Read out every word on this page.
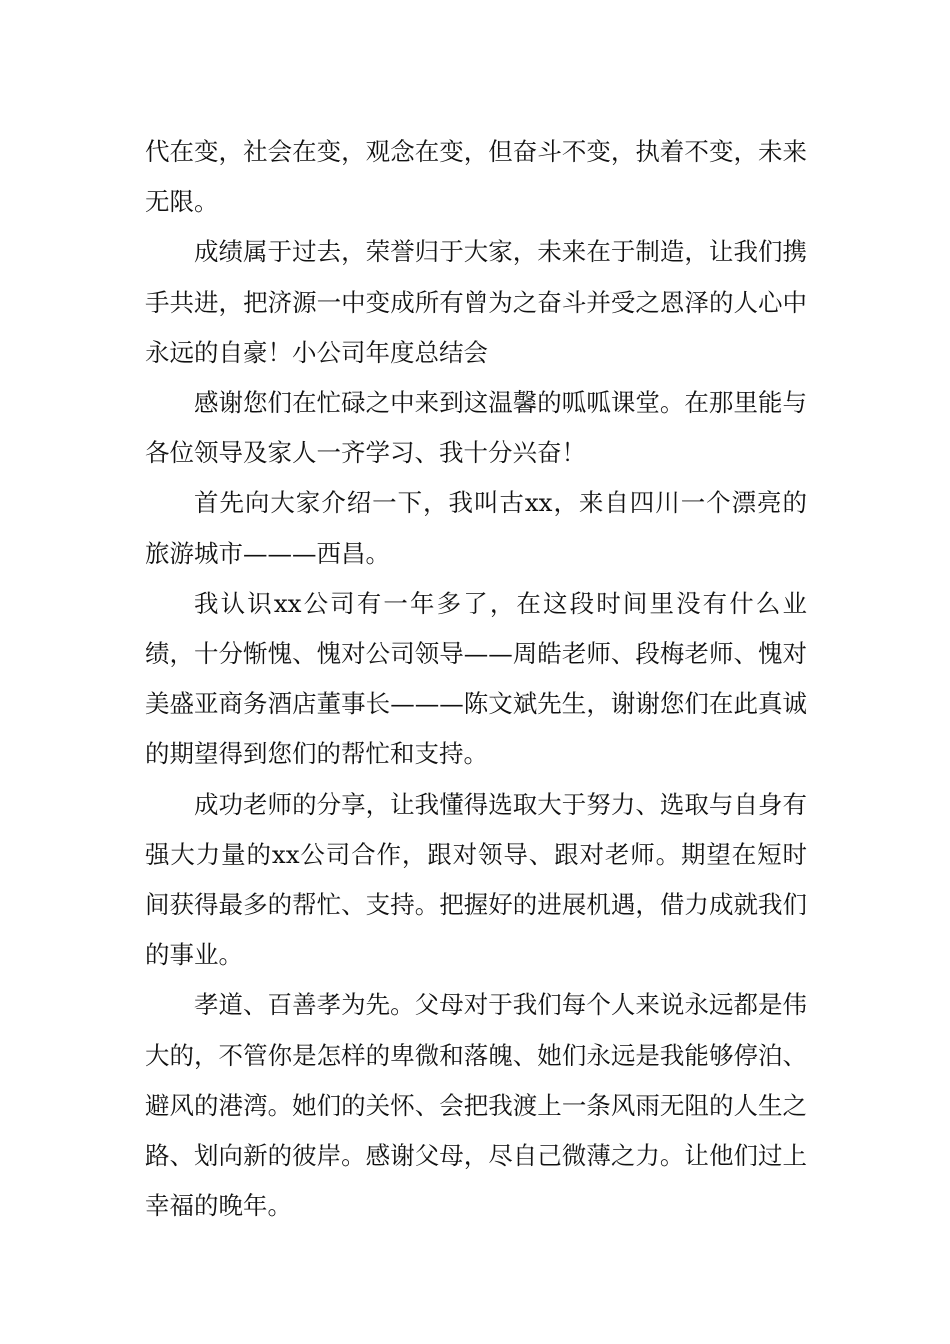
代在变，社会在变，观念在变，但奋斗不变，执着不变，未来无限。

成绩属于过去，荣誉归于大家，未来在于制造，让我们携手共进，把济源一中变成所有曾为之奋斗并受之恩泽的人心中永远的自豪！小公司年度总结会

感谢您们在忙碌之中来到这温馨的呱呱课堂。在那里能与各位领导及家人一齐学习、我十分兴奋！

首先向大家介绍一下，我叫古xx，来自四川一个漂亮的旅游城市———西昌。

我认识xx公司有一年多了，在这段时间里没有什么业绩，十分惭愧、愧对公司领导——周皓老师、段梅老师、愧对美盛亚商务酒店董事长———陈文斌先生，谢谢您们在此真诚的期望得到您们的帮忙和支持。

成功老师的分享，让我懂得选取大于努力、选取与自身有强大力量的xx公司合作，跟对领导、跟对老师。期望在短时间获得最多的帮忙、支持。把握好的进展机遇，借力成就我们的事业。

孝道、百善孝为先。父母对于我们每个人来说永远都是伟大的，不管你是怎样的卑微和落魄、她们永远是我能够停泊、避风的港湾。她们的关怀、会把我渡上一条风雨无阻的人生之路、划向新的彼岸。感谢父母，尽自己微薄之力。让他们过上幸福的晚年。
